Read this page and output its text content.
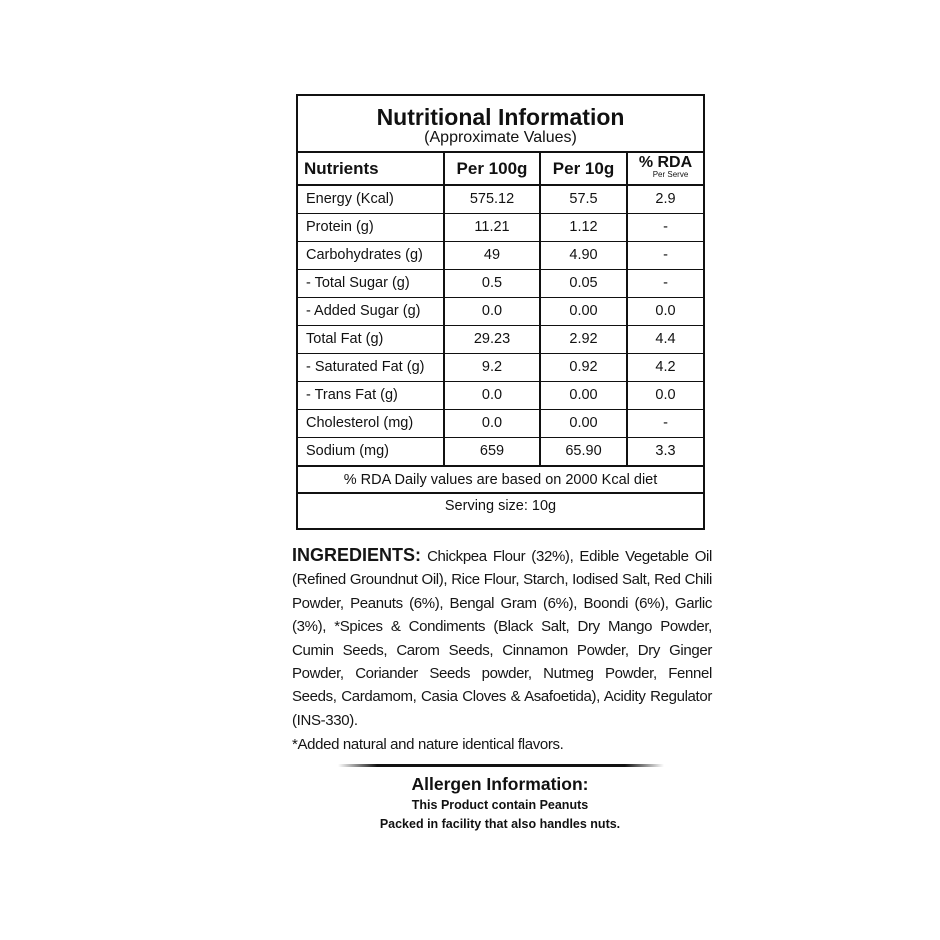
Nutritional Information
(Approximate Values)
Nutrients	Per 100g	Per 10g	% RDA
Per Serve

Energy (Kcal)	575.12	57.5	2.9
Protein (g)	11.21	1.12	-
Carbohydrates (g)	49	4.90	-
- Total Sugar (g)	0.5	0.05	-
- Added Sugar (g)	0.0	0.00	0.0
Total Fat (g)	29.23	2.92	4.4
- Saturated Fat (g)	9.2	0.92	4.2
- Trans Fat (g)	0.0	0.00	0.0
Cholesterol (mg)	0.0	0.00	-
Sodium (mg)	659	65.90	3.3
% RDA Daily values are based on 2000 Kcal diet
Serving size: 10g
INGREDIENTS: Chickpea Flour (32%), Edible Vegetable Oil (Refined Groundnut Oil), Rice Flour, Starch, Iodised Salt, Red Chili Powder, Peanuts (6%), Bengal Gram (6%), Boondi (6%), Garlic (3%), *Spices & Condiments (Black Salt, Dry Mango Powder, Cumin Seeds, Carom Seeds, Cinnamon Powder, Dry Ginger Powder, Coriander Seeds powder, Nutmeg Powder, Fennel Seeds, Cardamom, Casia Cloves & Asafoetida), Acidity Regulator (INS-330).
*Added natural and nature identical flavors.
Allergen Information:
This Product contain Peanuts
Packed in facility that also handles nuts.
